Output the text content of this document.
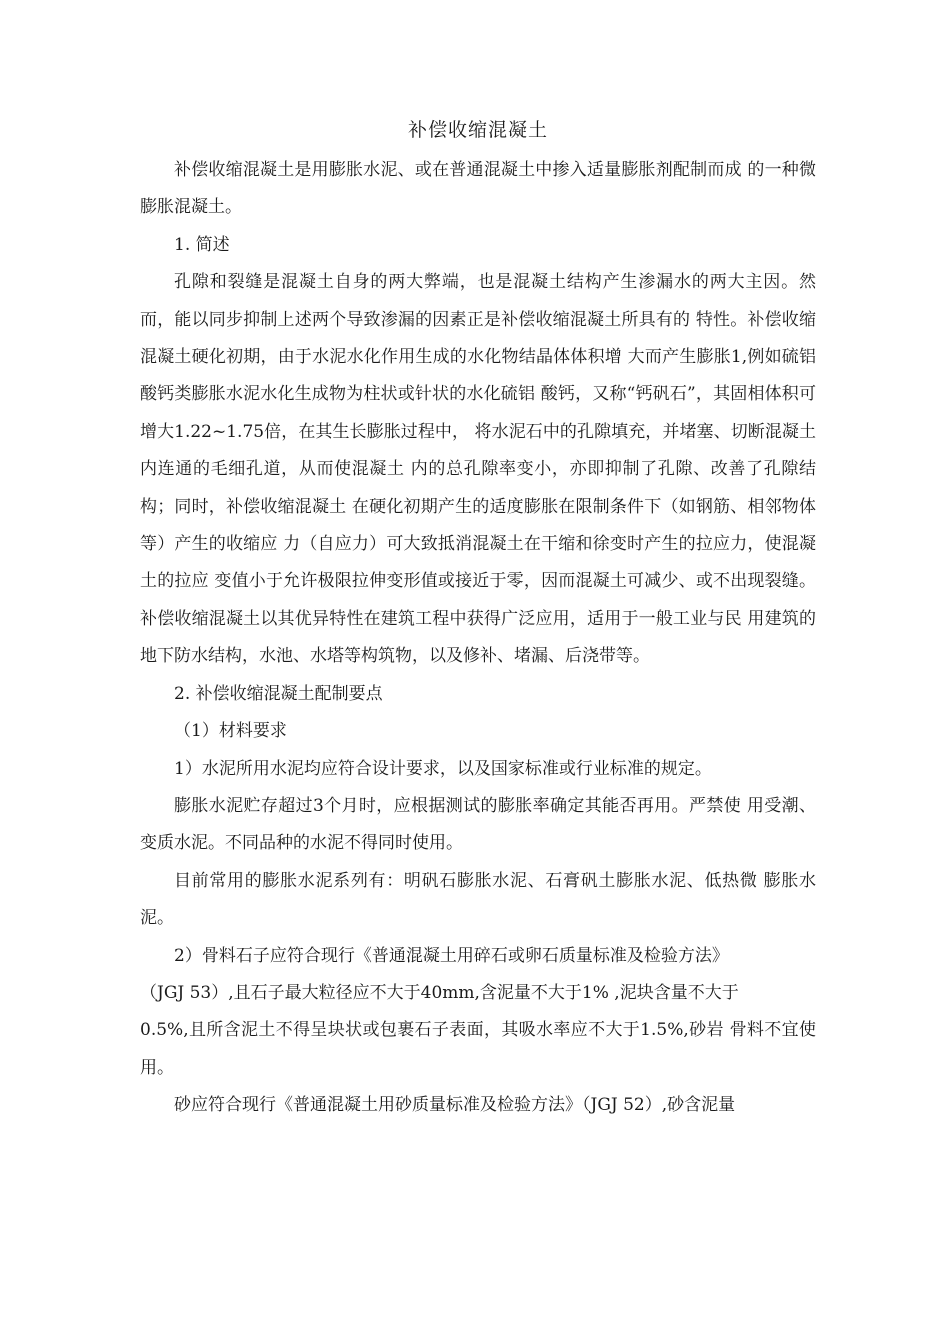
补偿收缩混凝土

补偿收缩混凝土是用膨胀水泥、或在普通混凝土中掺入适量膨胀剂配制而成 的一种微膨胀混凝土。

1. 简述

孔隙和裂缝是混凝土自身的两大弊端，也是混凝土结构产生渗漏水的两大主因。然而，能以同步抑制上述两个导致渗漏的因素正是补偿收缩混凝土所具有的 特性。补偿收缩混凝土硬化初期，由于水泥水化作用生成的水化物结晶体体积增 大而产生膨胀1,例如硫铝酸钙类膨胀水泥水化生成物为柱状或针状的水化硫铝 酸钙，又称“钙矾石”，其固相体积可增大1.22~1.75倍，在其生长膨胀过程中， 将水泥石中的孔隙填充，并堵塞、切断混凝土内连通的毛细孔道，从而使混凝土 内的总孔隙率变小，亦即抑制了孔隙、改善了孔隙结构；同时，补偿收缩混凝土 在硬化初期产生的适度膨胀在限制条件下（如钢筋、相邻物体等）产生的收缩应 力（自应力）可大致抵消混凝土在干缩和徐变时产生的拉应力，使混凝土的拉应 变值小于允许极限拉伸变形值或接近于零，因而混凝土可减少、或不出现裂缝。 补偿收缩混凝土以其优异特性在建筑工程中获得广泛应用，适用于一般工业与民 用建筑的地下防水结构，水池、水塔等构筑物，以及修补、堵漏、后浇带等。

2. 补偿收缩混凝土配制要点

（1）材料要求

1）水泥所用水泥均应符合设计要求，以及国家标准或行业标准的规定。

膨胀水泥贮存超过3个月时，应根据测试的膨胀率确定其能否再用。严禁使 用受潮、变质水泥。不同品种的水泥不得同时使用。

目前常用的膨胀水泥系列有：明矾石膨胀水泥、石膏矾土膨胀水泥、低热微 膨胀水泥。

2）骨料石子应符合现行《普通混凝土用碎石或卵石质量标准及检验方法》

（JGJ 53）,且石子最大粒径应不大于40mm,含泥量不大于1% ,泥块含量不大于

0.5%,且所含泥土不得呈块状或包裹石子表面，其吸水率应不大于1.5%,砂岩 骨料不宜使用。

砂应符合现行《普通混凝土用砂质量标准及检验方法》（JGJ 52）,砂含泥量
